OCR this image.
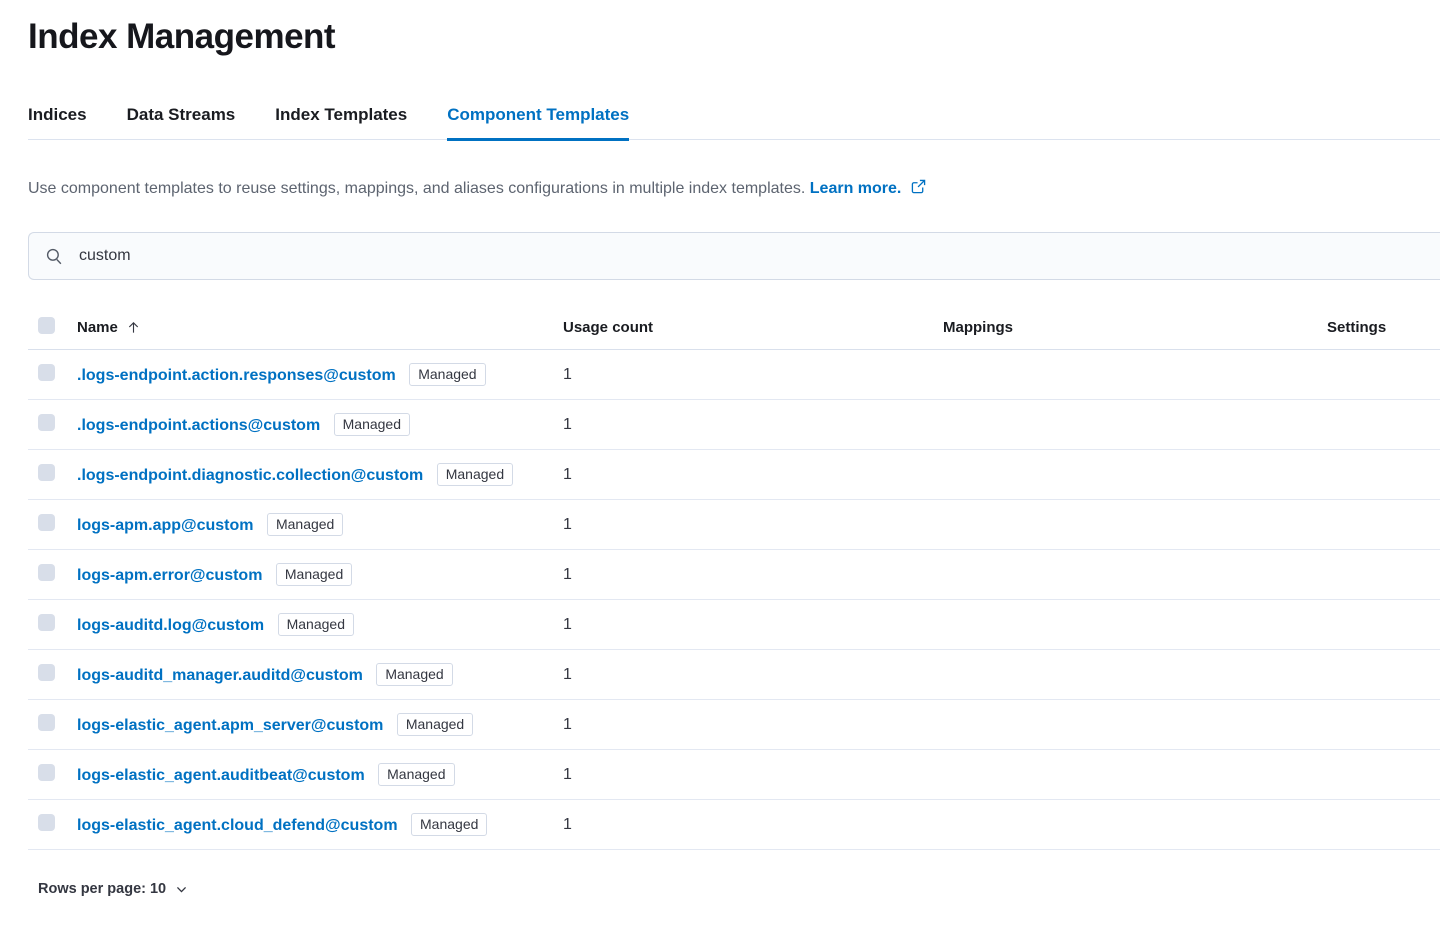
Index Management
Indices Data Streams Index Templates Component Templates
Use component templates to reuse settings, mappings, and aliases configurations in multiple index templates. Learn more.
custom

	Name	Usage count	Mappings	Settings
	.logs-endpoint.action.responses@custom Managed	1		
	.logs-endpoint.actions@custom Managed	1		
	.logs-endpoint.diagnostic.collection@custom Managed	1		
	logs-apm.app@custom Managed	1		
	logs-apm.error@custom Managed	1		
	logs-auditd.log@custom Managed	1		
	logs-auditd_manager.auditd@custom Managed	1		
	logs-elastic_agent.apm_server@custom Managed	1		
	logs-elastic_agent.auditbeat@custom Managed	1		
	logs-elastic_agent.cloud_defend@custom Managed	1		
Rows per page: 10
